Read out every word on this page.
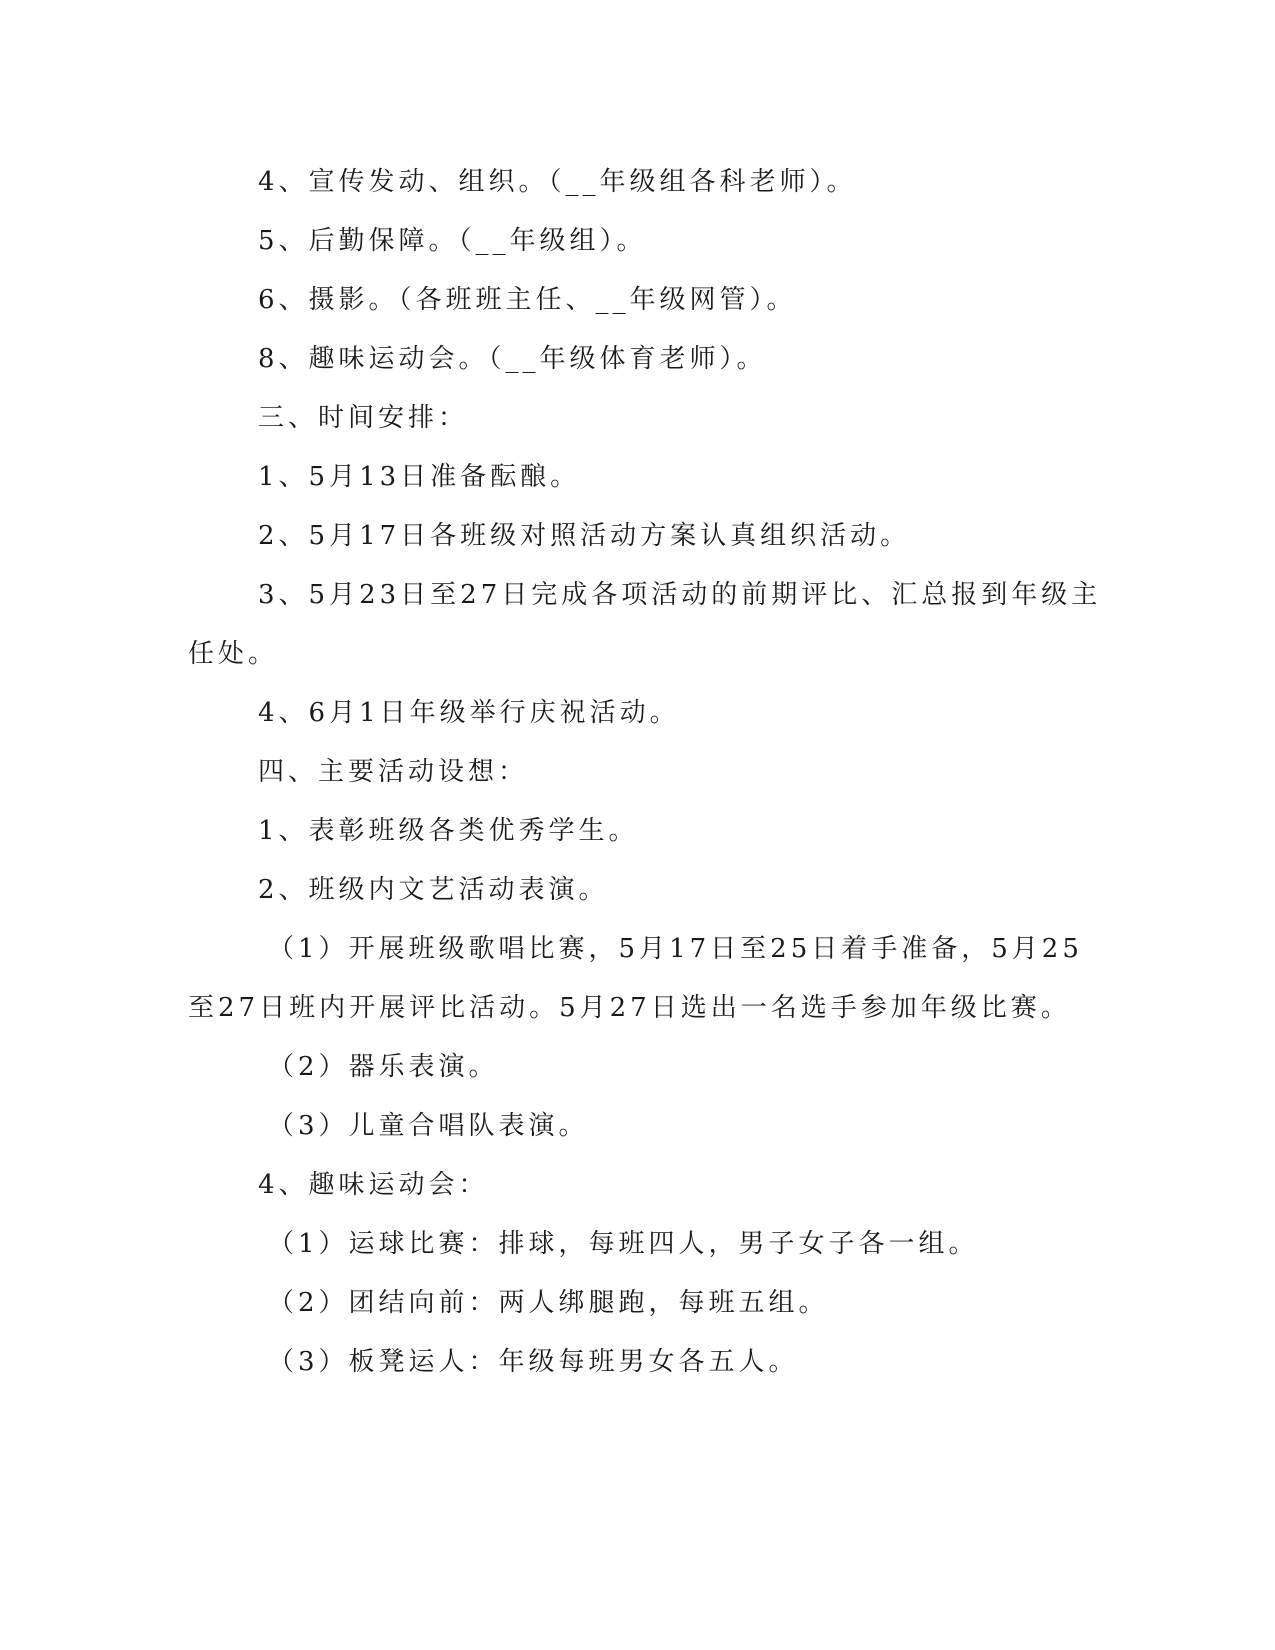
4、宣传发动、组织。（__年级组各科老师）。
5、后勤保障。（__年级组）。
6、摄影。（各班班主任、__年级网管）。
8、趣味运动会。（__年级体育老师）。
三、时间安排：
1、5月13日准备酝酿。
2、5月17日各班级对照活动方案认真组织活动。
3、5月23日至27日完成各项活动的前期评比、汇总报到年级主
任处。
4、6月1日年级举行庆祝活动。
四、主要活动设想：
1、表彰班级各类优秀学生。
2、班级内文艺活动表演。
（1）开展班级歌唱比赛，5月17日至25日着手准备，5月25
至27日班内开展评比活动。5月27日选出一名选手参加年级比赛。
（2）器乐表演。
（3）儿童合唱队表演。
4、趣味运动会：
（1）运球比赛：排球，每班四人，男子女子各一组。
（2）团结向前：两人绑腿跑，每班五组。
（3）板凳运人：年级每班男女各五人。
